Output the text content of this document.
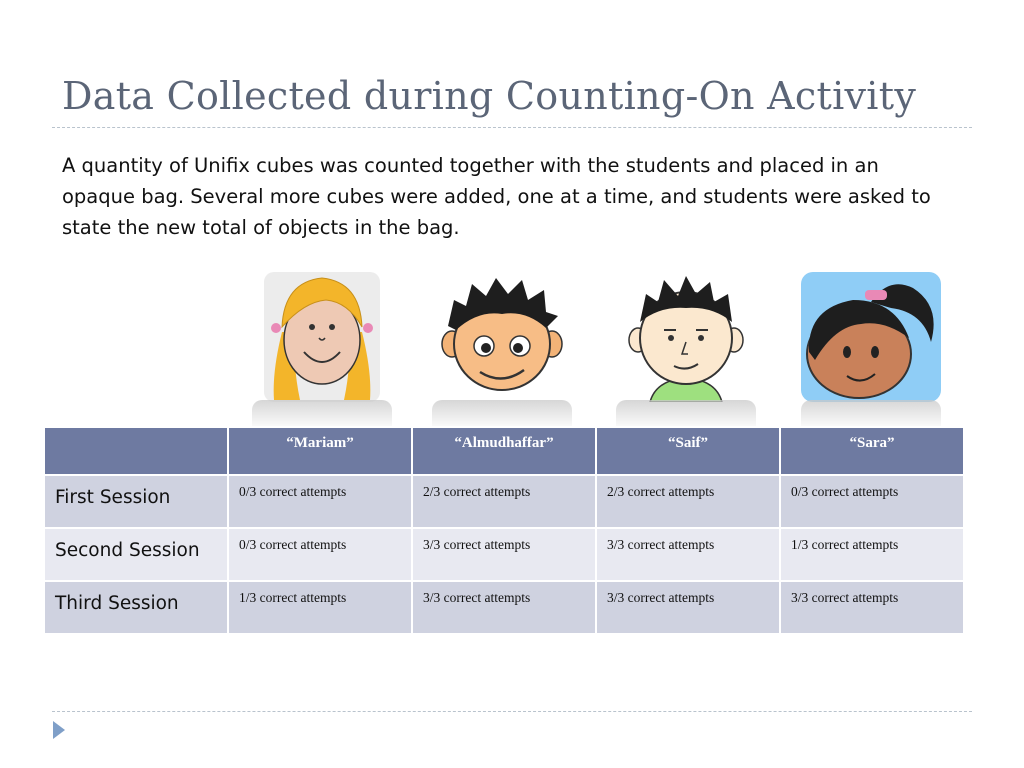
Data Collected during Counting-On Activity
A quantity of Unifix cubes was counted together with the students and placed in an opaque bag. Several more cubes were added, one at a time, and students were asked to state the new total of objects in the bag.
	“Mariam”	“Almudhaffar”	“Saif”	“Sara”
First Session	0/3 correct attempts	2/3 correct attempts	2/3 correct attempts	0/3 correct attempts
Second Session	0/3 correct attempts	3/3 correct attempts	3/3 correct attempts	1/3 correct attempts
Third Session	1/3 correct attempts	3/3 correct attempts	3/3 correct attempts	3/3 correct attempts
